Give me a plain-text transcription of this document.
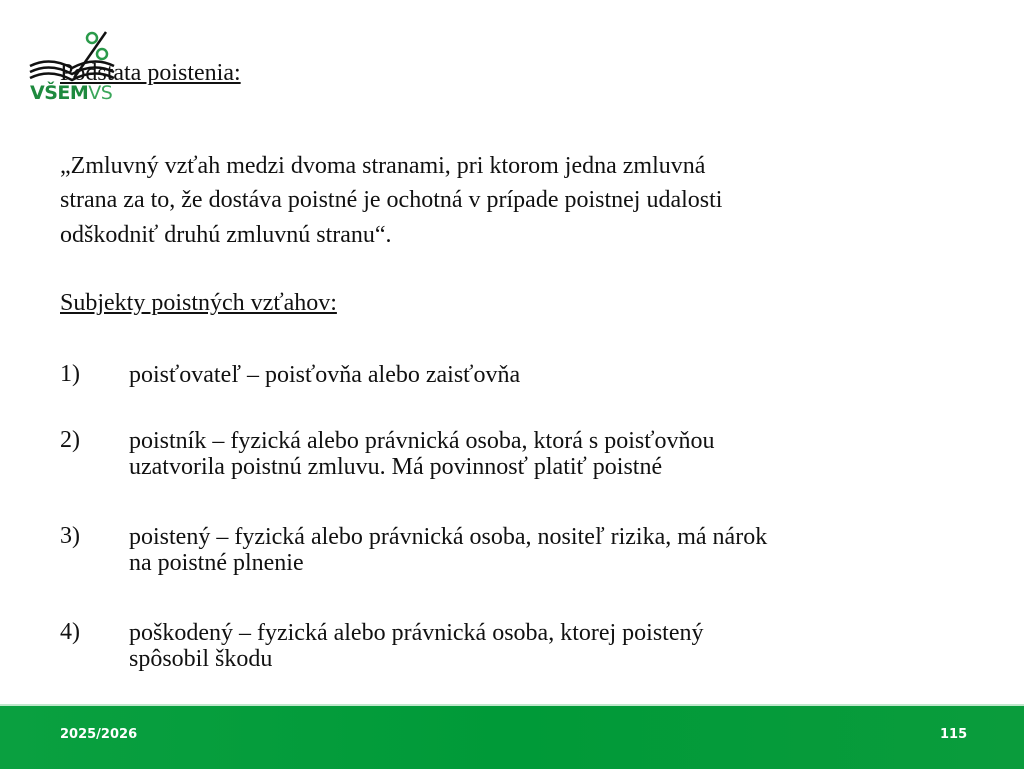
VŠEMVS
Podstata poistenia:
„Zmluvný vzťah medzi dvoma stranami, pri ktorom jedna zmluvná
strana za to, že dostáva poistné je ochotná v prípade poistnej udalosti
odškodniť druhú zmluvnú stranu“.
Subjekty poistných vzťahov:
1) poisťovateľ – poisťovňa alebo zaisťovňa
2) poistník – fyzická alebo právnická osoba, ktorá s poisťovňou
uzatvorila poistnú zmluvu. Má povinnosť platiť poistné
3) poistený – fyzická alebo právnická osoba, nositeľ rizika, má nárok
na poistné plnenie
4) poškodený – fyzická alebo právnická osoba, ktorej poistený
spôsobil škodu
2025/2026	115
